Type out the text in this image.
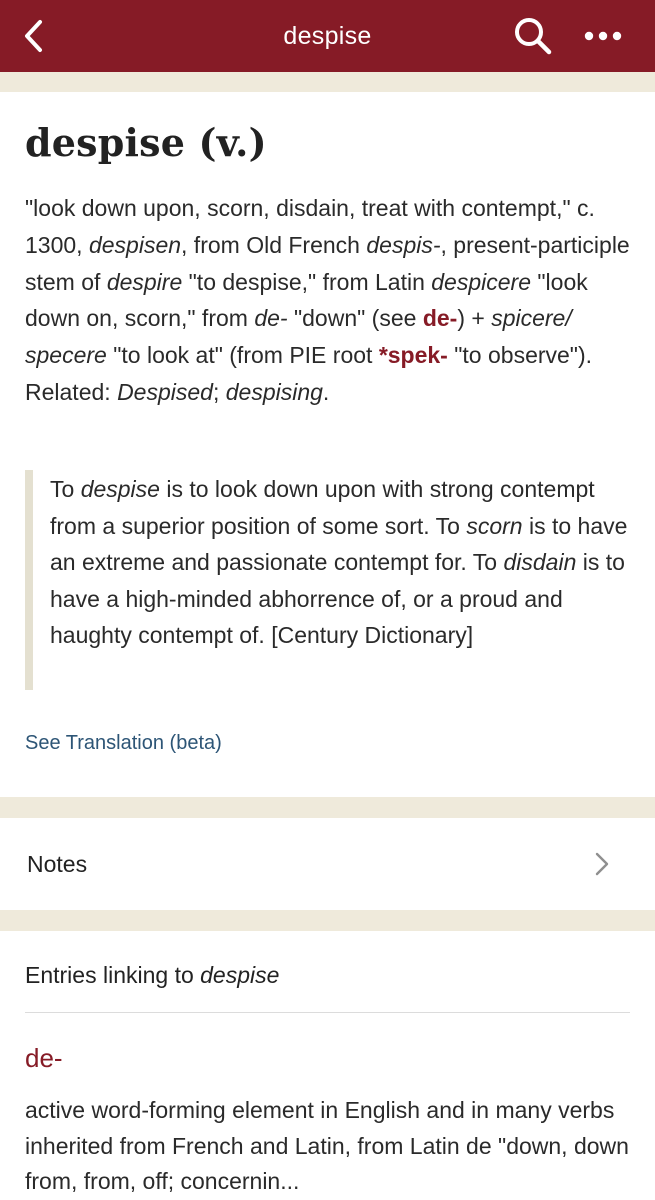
despise
despise (v.)

"look down upon, scorn, disdain, treat with contempt," c. 1300, despisen, from Old French despis-, present-participle stem of despire "to despise," from Latin despicere "look down on, scorn," from de- "down" (see de-) + spicere/ specere "to look at" (from PIE root *spek- "to observe"). Related: Despised; despising.

To despise is to look down upon with strong contempt from a superior position of some sort. To scorn is to have an extreme and passionate contempt for. To disdain is to have a high-minded abhorrence of, or a proud and haughty contempt of. [Century Dictionary]

See Translation (beta)
Notes
Entries linking to despise
de-

active word-forming element in English and in many verbs inherited from French and Latin, from Latin de "down, down from, from, off; concernin...
